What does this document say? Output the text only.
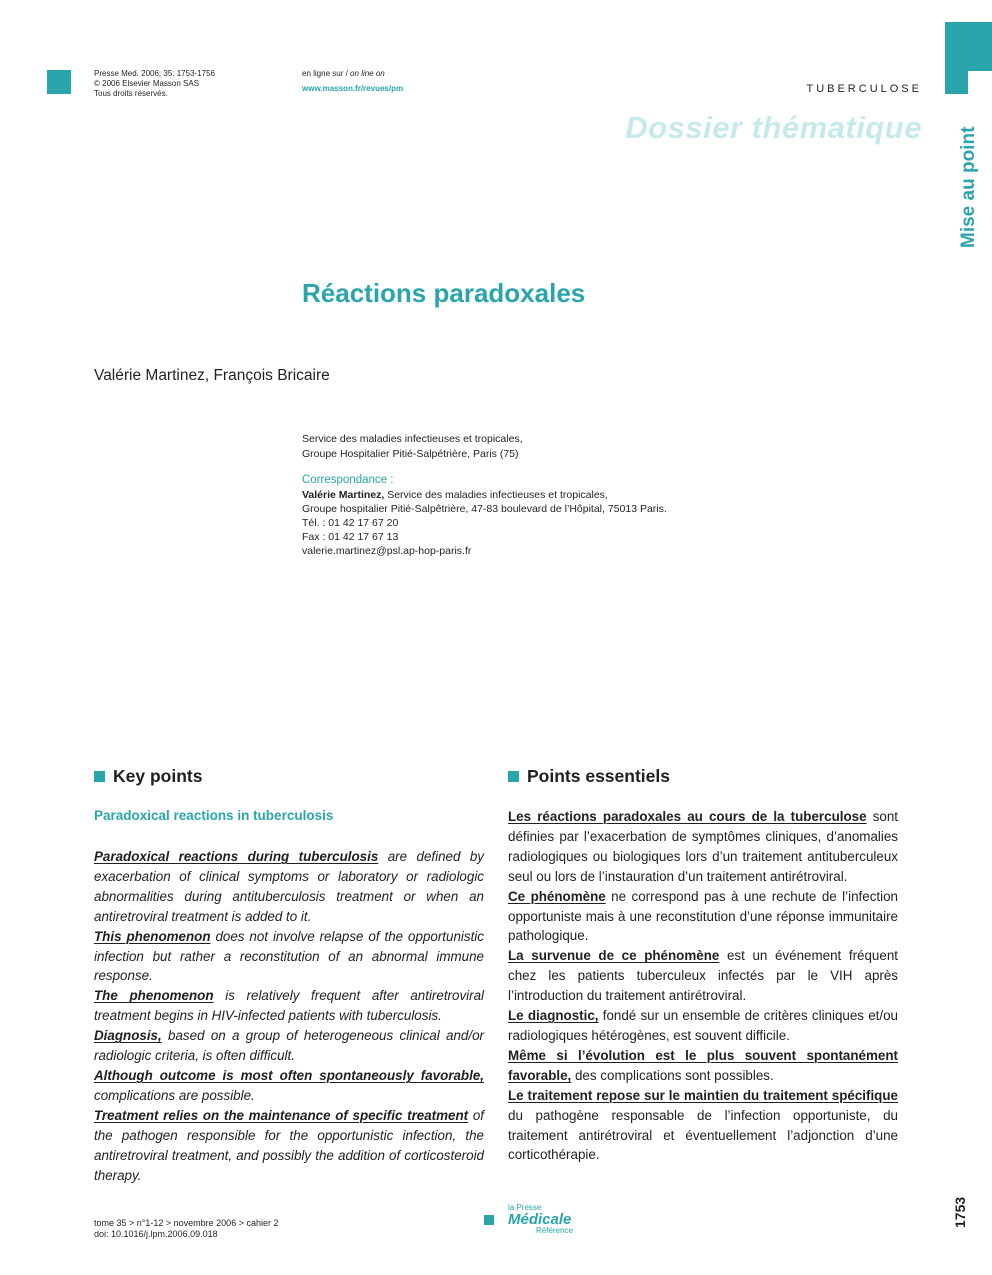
Presse Med. 2006; 35: 1753-1756
© 2006 Elsevier Masson SAS
Tous droits réservés.
en ligne sur / on line on
www.masson.fr/revues/pm	TUBERCULOSE
Dossier thématique Mise au point
Réactions paradoxales
Valérie Martinez, François Bricaire
Service des maladies infectieuses et tropicales,
Groupe Hospitalier Pitié-Salpétrière, Paris (75)
Correspondance :
Valérie Martinez, Service des maladies infectieuses et tropicales,
Groupe hospitalier Pitié-Salpêtrière, 47-83 boulevard de l’Hôpital, 75013 Paris.
Tél. : 01 42 17 67 20
Fax : 01 42 17 67 13
valerie.martinez@psl.ap-hop-paris.fr
Key points
Paradoxical reactions in tuberculosis

Paradoxical reactions during tuberculosis are defined by exacerbation of clinical symptoms or laboratory or radiologic abnormalities during antituberculosis treatment or when an antiretroviral treatment is added to it.

This phenomenon does not involve relapse of the opportunistic infection but rather a reconstitution of an abnormal immune response.

The phenomenon is relatively frequent after antiretroviral treatment begins in HIV-infected patients with tuberculosis.

Diagnosis, based on a group of heterogeneous clinical and/or radiologic criteria, is often difficult.

Although outcome is most often spontaneously favorable, complications are possible.

Treatment relies on the maintenance of specific treatment of the pathogen responsible for the opportunistic infection, the antiretroviral treatment, and possibly the addition of corticosteroid therapy.

Points essentiels

Les réactions paradoxales au cours de la tuberculose sont définies par l’exacerbation de symptômes cliniques, d’anomalies radiologiques ou biologiques lors d’un traitement antituberculeux seul ou lors de l’instauration d’un traitement antirétroviral.

Ce phénomène ne correspond pas à une rechute de l’infection opportuniste mais à une reconstitution d’une réponse immunitaire pathologique.

La survenue de ce phénomène est un événement fréquent chez les patients tuberculeux infectés par le VIH après l’introduction du traitement antirétroviral.

Le diagnostic, fondé sur un ensemble de critères cliniques et/ou radiologiques hétérogènes, est souvent difficile.

Même si l’évolution est le plus souvent spontanément favorable, des complications sont possibles.

Le traitement repose sur le maintien du traitement spécifique du pathogène responsable de l’infection opportuniste, du traitement antirétroviral et éventuellement l’adjonction d’une corticothérapie.

tome 35 > n°1-12 > novembre 2006 > cahier 2
doi: 10.1016/j.lpm.2006.09.018
la Presse
Médicale
Référence
1753
